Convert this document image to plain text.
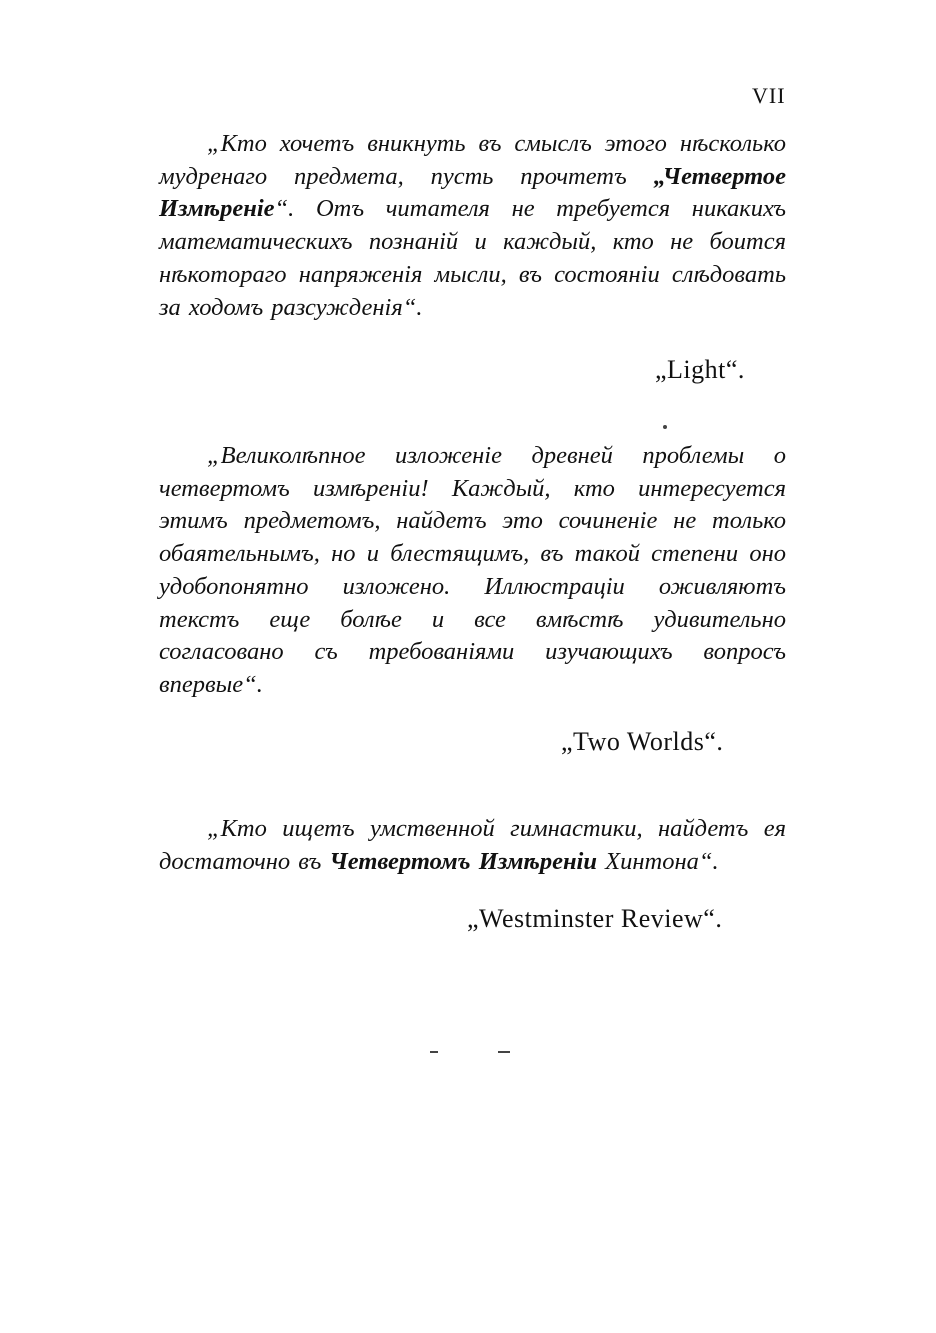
VII
„Кто хочетъ вникнуть въ смыслъ этого нѣсколько мудренаго предмета, пусть прочтетъ „Четвертое Измѣреніе“. Отъ читателя не требуется никакихъ математическихъ познаній и каждый, кто не боится нѣкотораго напряженія мысли, въ состояніи слѣдовать за ходомъ разсужденія“.
„Light“.
„Великолѣпное изложеніе древней проблемы о четвертомъ измѣреніи! Каждый, кто интересуется этимъ предметомъ, найдетъ это сочиненіе не только обаятельнымъ, но и блестящимъ, въ такой степени оно удобопонятно изложено. Иллюстраціи оживляютъ текстъ еще болѣе и все вмѣстѣ удивительно согласовано съ требованіями изучающихъ вопросъ впервые“.
„Two Worlds“.
„Кто ищетъ умственной гимнастики, найдетъ ея достаточно въ Четвертомъ Измѣреніи Хинтона“.
„Westminster Review“.
